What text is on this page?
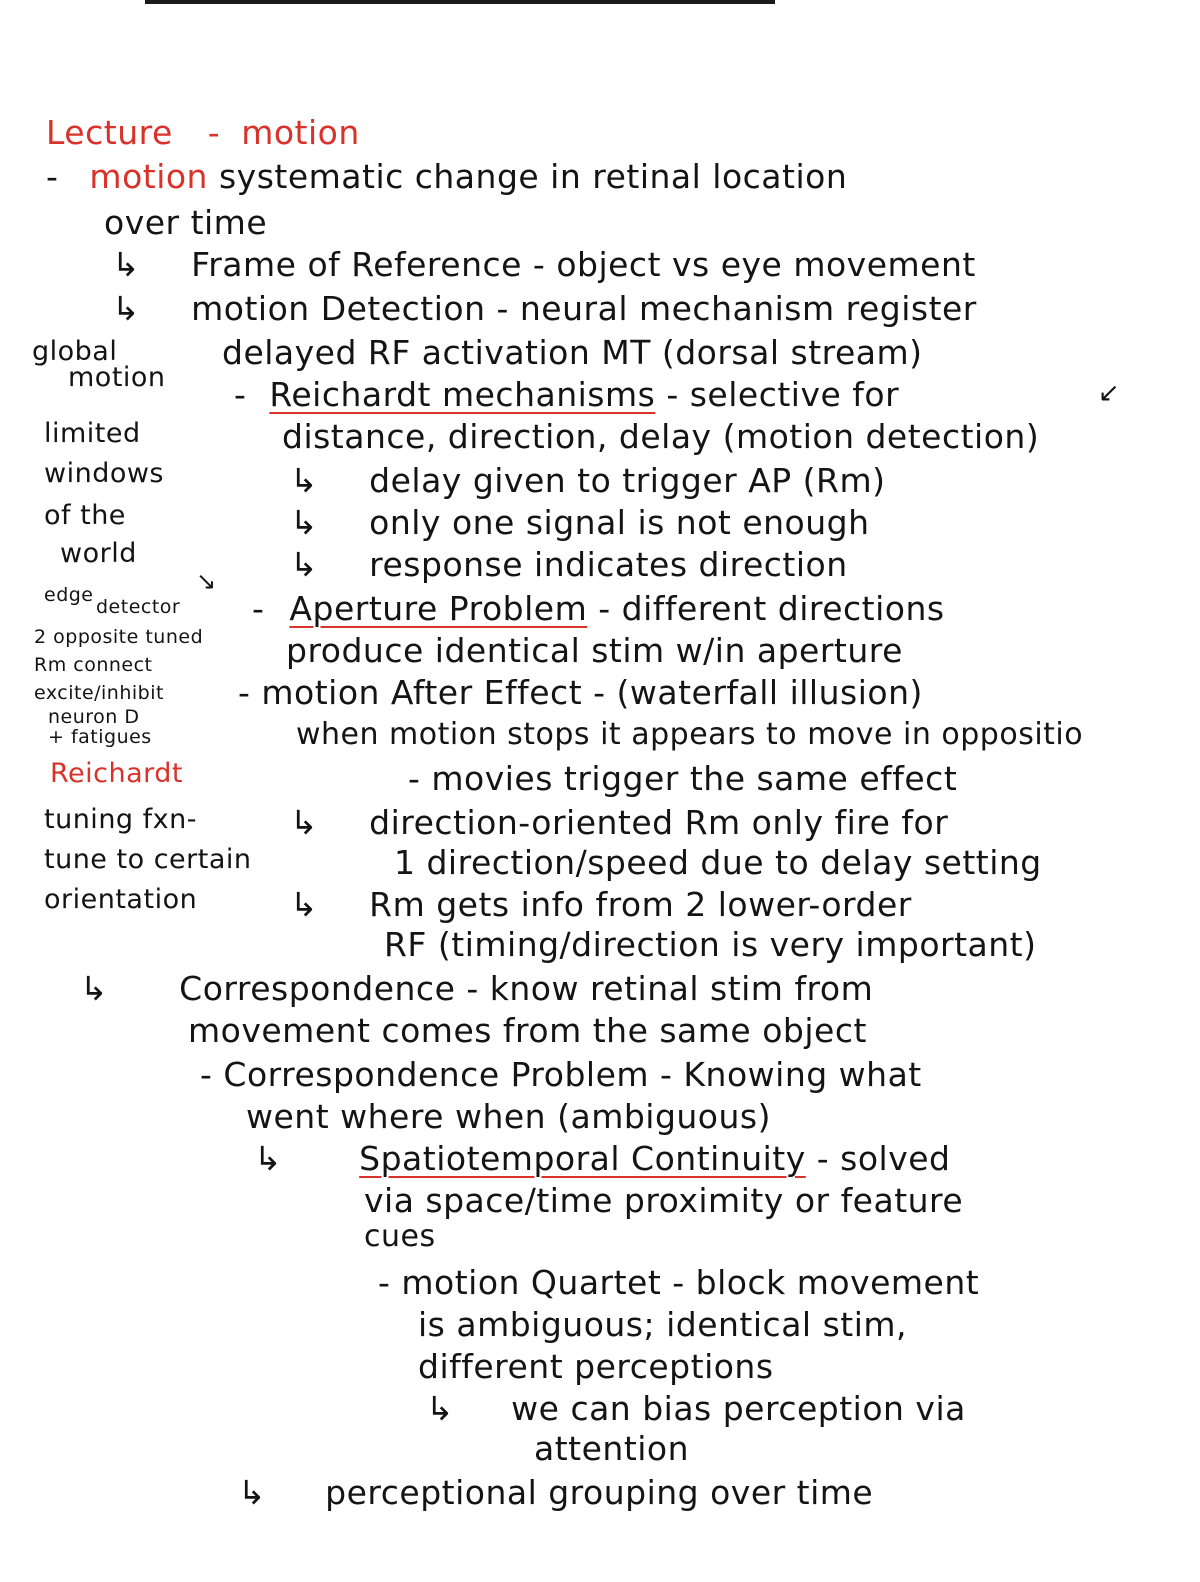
Lecture - motion
- motion systematic change in retinal location
over time
↳ Frame of Reference - object vs eye movement
↳ motion Detection - neural mechanism register
delayed RF activation MT (dorsal stream)
↙
- Reichardt mechanisms - selective for
distance, direction, delay (motion detection)
↳ delay given to trigger AP (Rm)
↳ only one signal is not enough
↳ response indicates direction
- Aperture Problem - different directions
produce identical stim w/in aperture
- motion After Effect - (waterfall illusion)
when motion stops it appears to move in oppositio
- movies trigger the same effect
↳ direction-oriented Rm only fire for
1 direction/speed due to delay setting
↳ Rm gets info from 2 lower-order
RF (timing/direction is very important)
↳ Correspondence - know retinal stim from
movement comes from the same object
- Correspondence Problem - Knowing what
went where when (ambiguous)
↳ Spatiotemporal Continuity - solved
via space/time proximity or feature
cues
- motion Quartet - block movement
is ambiguous; identical stim,
different perceptions
↳ we can bias perception via
attention
↳ perceptional grouping over time
global
motion
limited
windows
of the
world
edge
detector
↘
2 opposite tuned
Rm connect
excite/inhibit
neuron D
+ fatigues
Reichardt
tuning fxn-
tune to certain
orientation
